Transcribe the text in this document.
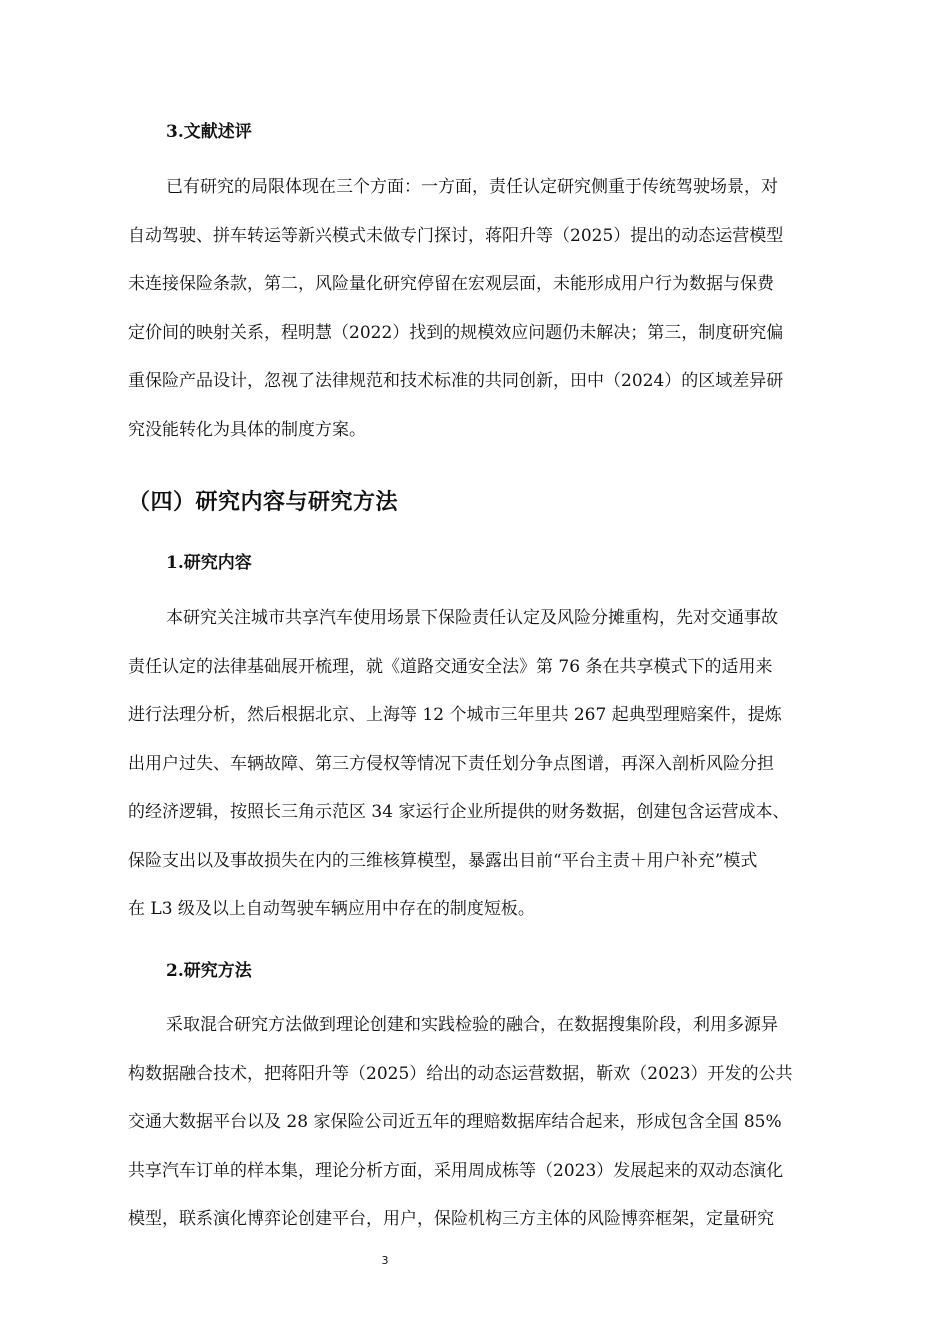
3.文献述评
已有研究的局限体现在三个方面：一方面，责任认定研究侧重于传统驾驶场景，对
自动驾驶、拼车转运等新兴模式未做专门探讨，蒋阳升等（2025）提出的动态运营模型
未连接保险条款，第二，风险量化研究停留在宏观层面，未能形成用户行为数据与保费
定价间的映射关系，程明慧（2022）找到的规模效应问题仍未解决；第三，制度研究偏
重保险产品设计，忽视了法律规范和技术标准的共同创新，田中（2024）的区域差异研
究没能转化为具体的制度方案。
（四）研究内容与研究方法
1.研究内容
本研究关注城市共享汽车使用场景下保险责任认定及风险分摊重构，先对交通事故
责任认定的法律基础展开梳理，就《道路交通安全法》第 76 条在共享模式下的适用来
进行法理分析，然后根据北京、上海等 12 个城市三年里共 267 起典型理赔案件，提炼
出用户过失、车辆故障、第三方侵权等情况下责任划分争点图谱，再深入剖析风险分担
的经济逻辑，按照长三角示范区 34 家运行企业所提供的财务数据，创建包含运营成本、
保险支出以及事故损失在内的三维核算模型，暴露出目前“平台主责＋用户补充”模式
在 L3 级及以上自动驾驶车辆应用中存在的制度短板。
2.研究方法
采取混合研究方法做到理论创建和实践检验的融合，在数据搜集阶段，利用多源异
构数据融合技术，把蒋阳升等（2025）给出的动态运营数据，靳欢（2023）开发的公共
交通大数据平台以及 28 家保险公司近五年的理赔数据库结合起来，形成包含全国 85%
共享汽车订单的样本集，理论分析方面，采用周成栋等（2023）发展起来的双动态演化
模型，联系演化博弈论创建平台，用户，保险机构三方主体的风险博弈框架，定量研究
3
